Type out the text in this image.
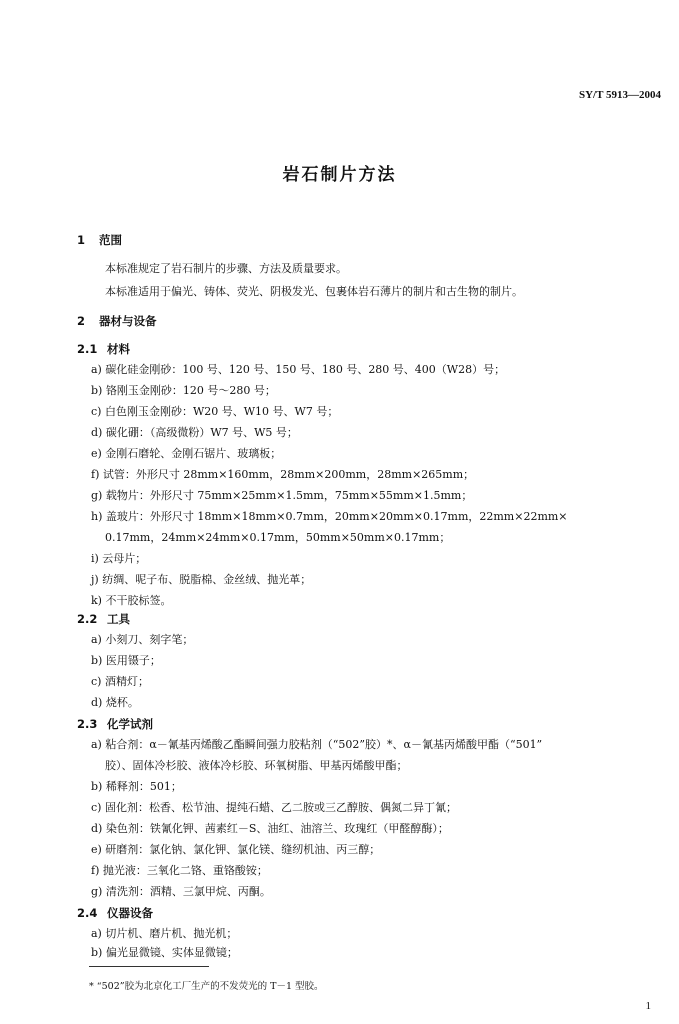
SY/T 5913—2004
岩石制片方法
1 范围
本标准规定了岩石制片的步骤、方法及质量要求。
本标准适用于偏光、铸体、荧光、阴极发光、包裹体岩石薄片的制片和古生物的制片。
2 器材与设备
2.1 材料
a) 碳化硅金刚砂：100 号、120 号、150 号、180 号、280 号、400（W28）号；
b) 铬刚玉金刚砂：120 号～280 号；
c) 白色刚玉金刚砂：W20 号、W10 号、W7 号；
d) 碳化硼：（高级微粉）W7 号、W5 号；
e) 金刚石磨轮、金刚石锯片、玻璃板；
f) 试管：外形尺寸 28mm×160mm，28mm×200mm，28mm×265mm；
g) 载物片：外形尺寸 75mm×25mm×1.5mm，75mm×55mm×1.5mm；
h) 盖玻片：外形尺寸 18mm×18mm×0.7mm，20mm×20mm×0.17mm，22mm×22mm×
0.17mm，24mm×24mm×0.17mm，50mm×50mm×0.17mm；
i) 云母片；
j) 纺绸、呢子布、脱脂棉、金丝绒、抛光革；
k) 不干胶标签。
2.2 工具
a) 小刻刀、刻字笔；
b) 医用镊子；
c) 酒精灯；
d) 烧杯。
2.3 化学试剂
a) 粘合剂：α－氰基丙烯酸乙酯瞬间强力胶粘剂（“502”胶）*、α－氰基丙烯酸甲酯（“501”
胶）、固体冷杉胶、液体冷杉胶、环氧树脂、甲基丙烯酸甲酯；
b) 稀释剂：501；
c) 固化剂：松香、松节油、提纯石蜡、乙二胺或三乙醇胺、偶氮二异丁氰；
d) 染色剂：铁氰化钾、茜素红－S、油红、油溶兰、玫瑰红（甲醛醇酶）；
e) 研磨剂：氯化钠、氯化钾、氯化镁、缝纫机油、丙三醇；
f) 抛光液：三氧化二铬、重铬酸铵；
g) 清洗剂：酒精、三氯甲烷、丙酮。
2.4 仪器设备
a) 切片机、磨片机、抛光机；
b) 偏光显微镜、实体显微镜；
* “502”胶为北京化工厂生产的不发荧光的 T－1 型胶。
1
